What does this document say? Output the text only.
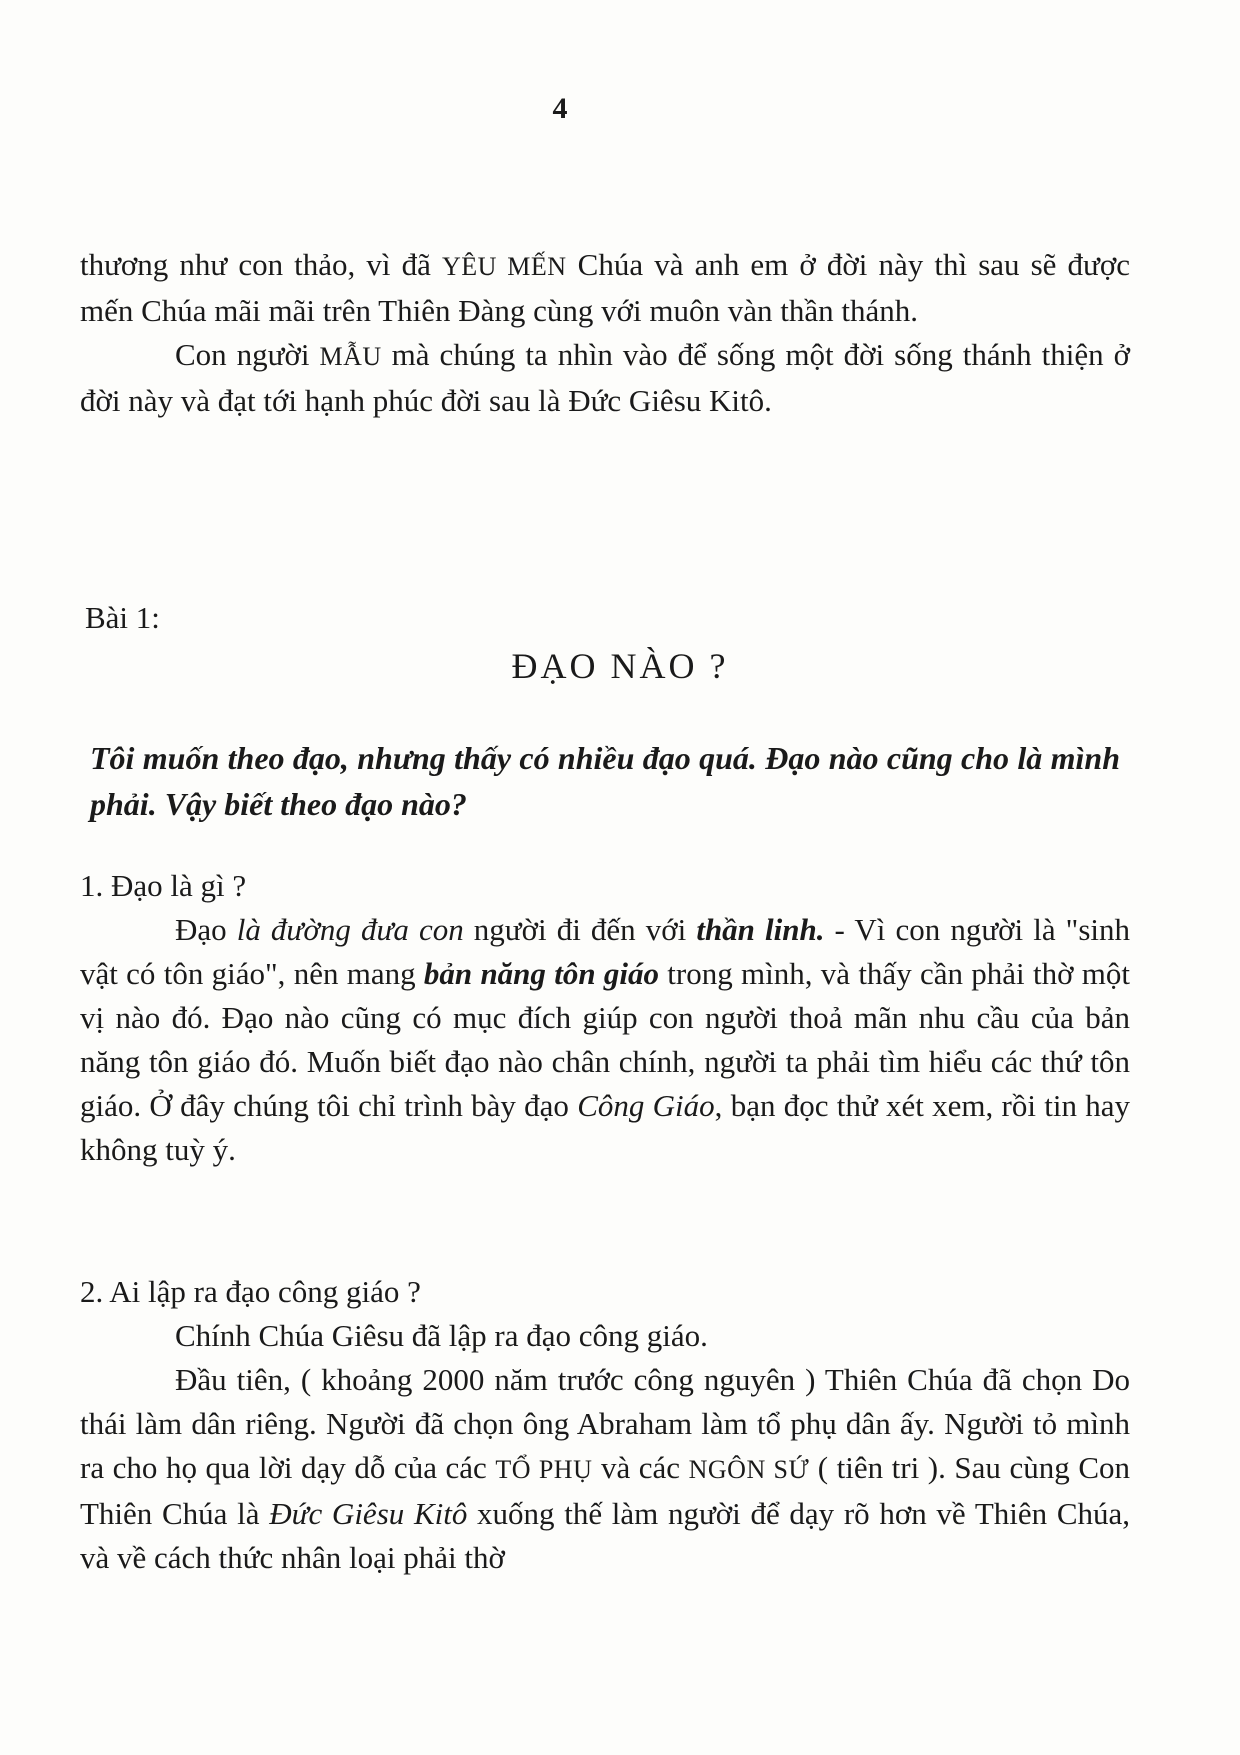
4

thương như con thảo, vì đã YÊU MẾN Chúa và anh em ở đời này thì sau sẽ được mến Chúa mãi mãi trên Thiên Đàng cùng với muôn vàn thần thánh.

Con người MẪU mà chúng ta nhìn vào để sống một đời sống thánh thiện ở đời này và đạt tới hạnh phúc đời sau là Đức Giêsu Kitô.

Bài 1:
ĐẠO NÀO ?

Tôi muốn theo đạo, nhưng thấy có nhiều đạo quá. Đạo nào cũng cho là mình phải. Vậy biết theo đạo nào?

1. Đạo là gì ?

Đạo là đường đưa con người đi đến với thần linh. - Vì con người là "sinh vật có tôn giáo", nên mang bản năng tôn giáo trong mình, và thấy cần phải thờ một vị nào đó. Đạo nào cũng có mục đích giúp con người thoả mãn nhu cầu của bản năng tôn giáo đó. Muốn biết đạo nào chân chính, người ta phải tìm hiểu các thứ tôn giáo. Ở đây chúng tôi chỉ trình bày đạo Công Giáo, bạn đọc thử xét xem, rồi tin hay không tuỳ ý.

2. Ai lập ra đạo công giáo ?

Chính Chúa Giêsu đã lập ra đạo công giáo.

Đầu tiên, ( khoảng 2000 năm trước công nguyên ) Thiên Chúa đã chọn Do thái làm dân riêng. Người đã chọn ông Abraham làm tổ phụ dân ấy. Người tỏ mình ra cho họ qua lời dạy dỗ của các TỔ PHỤ và các NGÔN SỨ ( tiên tri ). Sau cùng Con Thiên Chúa là Đức Giêsu Kitô xuống thế làm người để dạy rõ hơn về Thiên Chúa, và về cách thức nhân loại phải thờ
